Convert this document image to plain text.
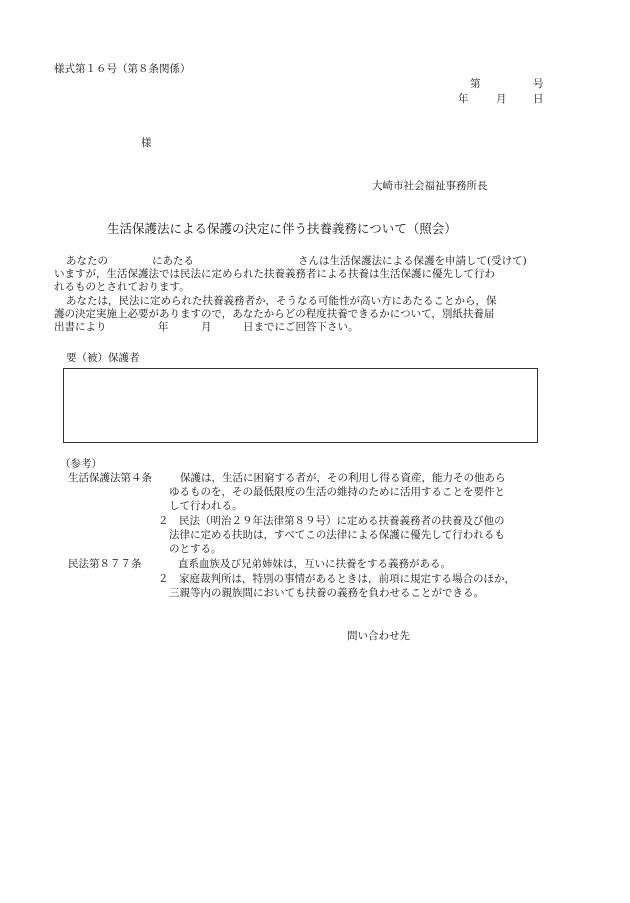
様式第１６号（第８条関係）
第	号
年	月	日
様
大崎市社会福祉事務所長
生活保護法による保護の決定に伴う扶養義務について（照会）
あなたの	にあたる	さんは生活保護法による保護を申請して(受けて)
いますが，生活保護法では民法に定められた扶養義務者による扶養は生活保護に優先して行わ
れるものとされております。
あなたは，民法に定められた扶養義務者か，そうなる可能性が高い方にあたることから，保
護の決定実施上必要がありますので，あなたからどの程度扶養できるかについて，別紙扶養届
出書により	年	月	日までにご回答下さい。
要（被）保護者
（参考）
生活保護法第４条	保護は，生活に困窮する者が，その利用し得る資産，能力その他あら
ゆるものを，その最低限度の生活の維持のために活用することを要件と
して行われる。
２　民法（明治２９年法律第８９号）に定める扶養義務者の扶養及び他の
法律に定める扶助は，すべてこの法律による保護に優先して行われるも
のとする。
民法第８７７条	直系血族及び兄弟姉妹は，互いに扶養をする義務がある。
２　家庭裁判所は，特別の事情があるときは，前項に規定する場合のほか，
三親等内の親族間においても扶養の義務を負わせることができる。
問い合わせ先
